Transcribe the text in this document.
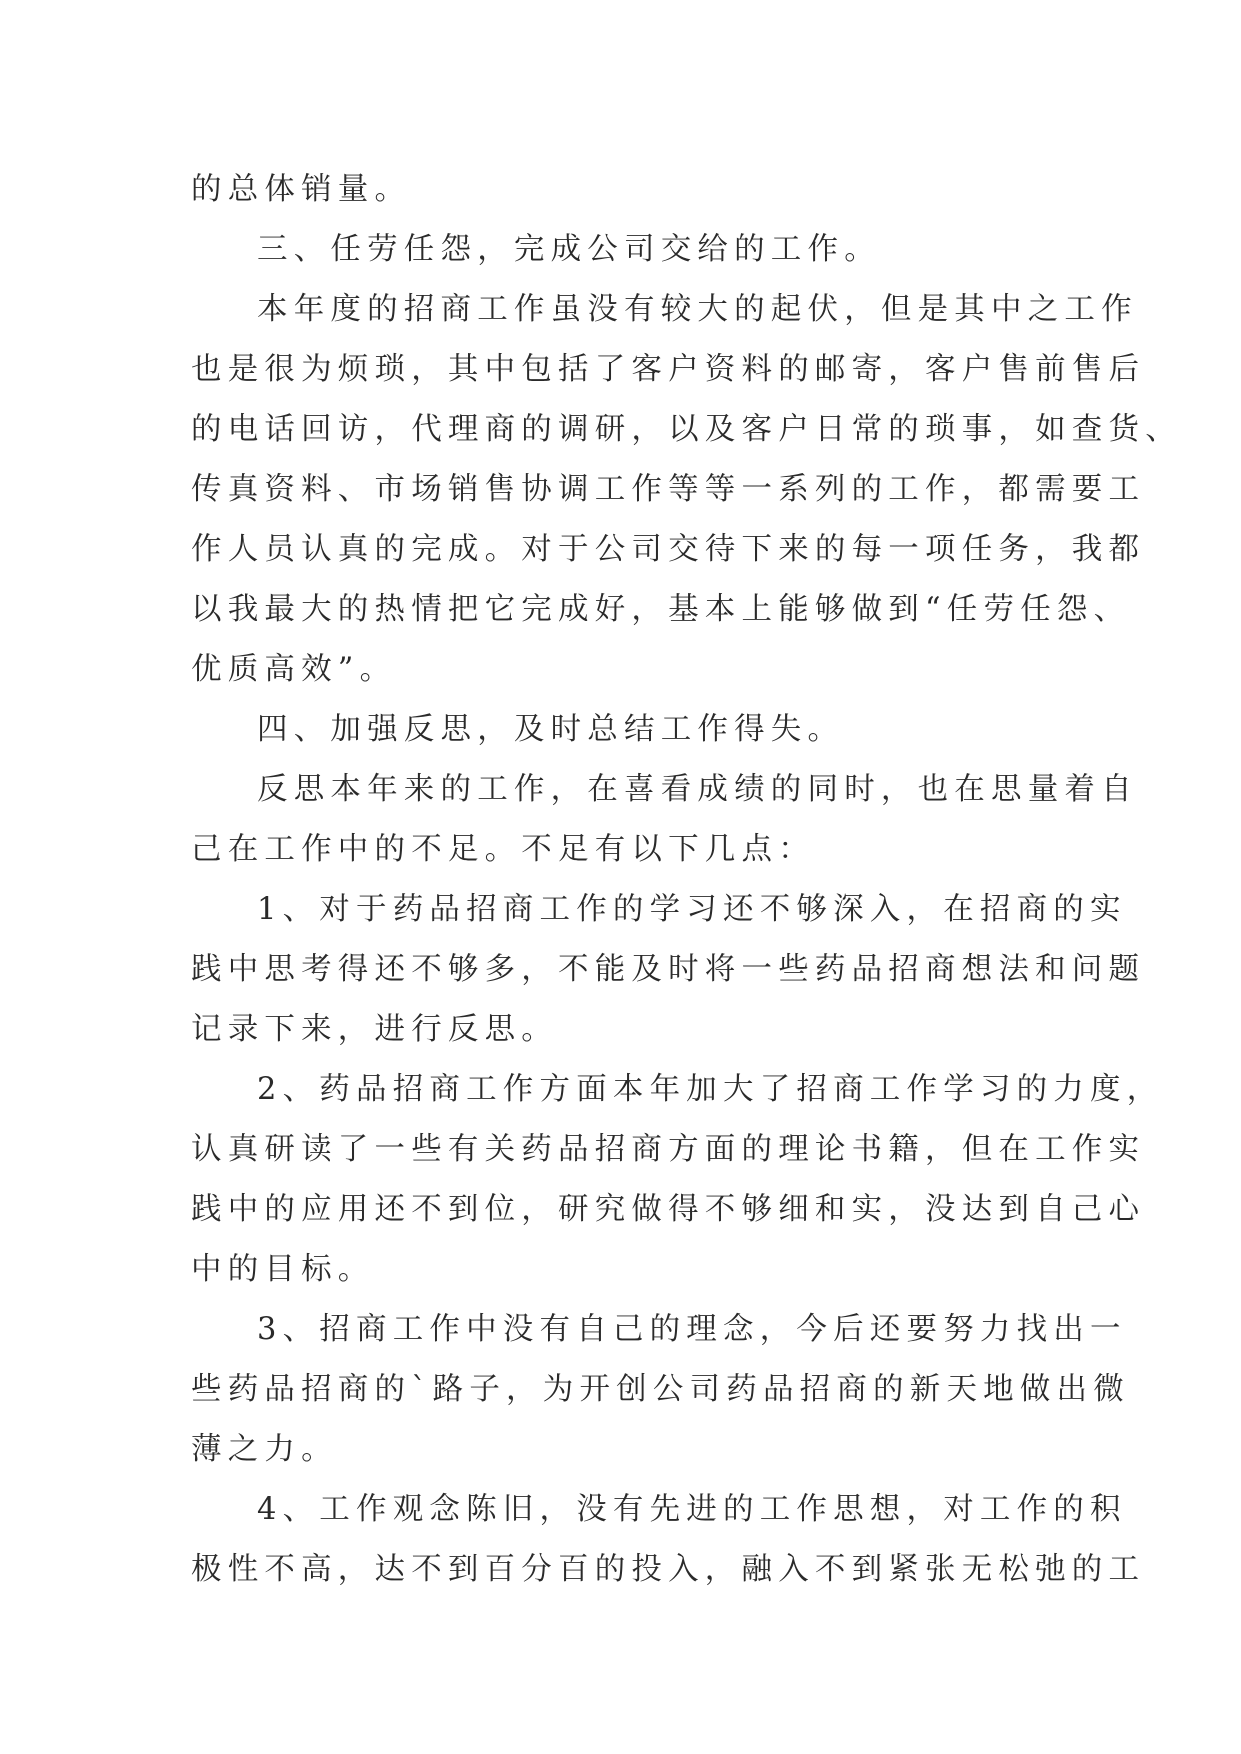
的总体销量。
三、任劳任怨，完成公司交给的工作。
本年度的招商工作虽没有较大的起伏，但是其中之工作
也是很为烦琐，其中包括了客户资料的邮寄，客户售前售后
的电话回访，代理商的调研，以及客户日常的琐事，如查货、
传真资料、市场销售协调工作等等一系列的工作，都需要工
作人员认真的完成。对于公司交待下来的每一项任务，我都
以我最大的热情把它完成好，基本上能够做到“任劳任怨、
优质高效”。
四、加强反思，及时总结工作得失。
反思本年来的工作，在喜看成绩的同时，也在思量着自
己在工作中的不足。不足有以下几点：
1、对于药品招商工作的学习还不够深入，在招商的实
践中思考得还不够多，不能及时将一些药品招商想法和问题
记录下来，进行反思。
2、药品招商工作方面本年加大了招商工作学习的力度，
认真研读了一些有关药品招商方面的理论书籍，但在工作实
践中的应用还不到位，研究做得不够细和实，没达到自己心
中的目标。
3、招商工作中没有自己的理念，今后还要努力找出一
些药品招商的`路子，为开创公司药品招商的新天地做出微
薄之力。
4、工作观念陈旧，没有先进的工作思想，对工作的积
极性不高，达不到百分百的投入，融入不到紧张无松弛的工
